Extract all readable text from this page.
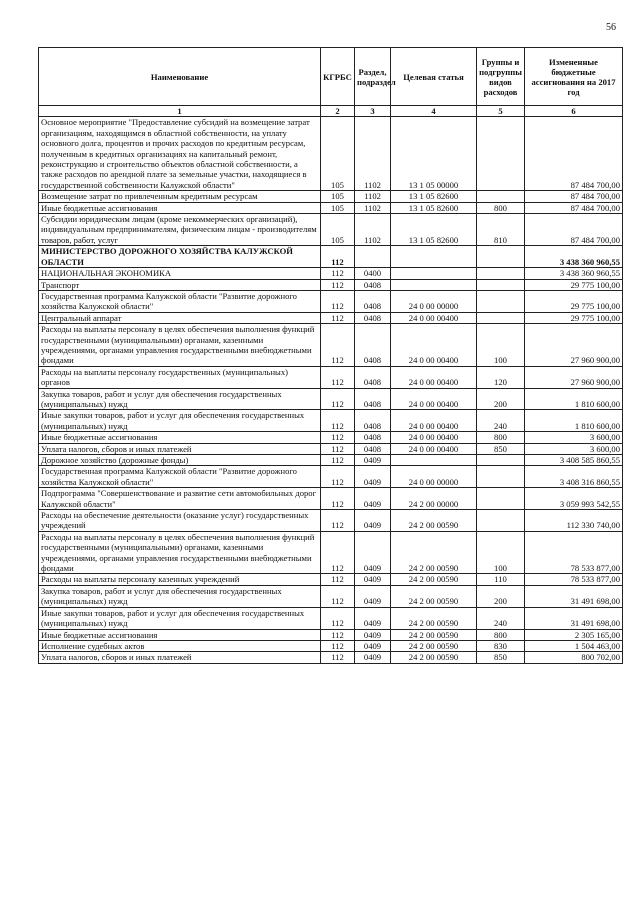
56
Наименование	КГРБС	Раздел, подраздел	Целевая статья	Группы и подгруппы видов расходов	Измененные бюджетные ассигнования на 2017 год
1	2	3	4	5	6
Основное мероприятие "Предоставление субсидий на возмещение затрат организациям, находящимся в областной собственности, на уплату основного долга, процентов и прочих расходов по кредитным ресурсам, полученным в кредитных организациях на капитальный ремонт, реконструкцию и строительство объектов областной собственности, а также расходов по арендной плате за земельные участки, находящиеся в государственной собственности Калужской области"	105	1102	13 1 05 00000		87 484 700,00
Возмещение затрат по привлеченным кредитным ресурсам	105	1102	13 1 05 82600		87 484 700,00
Иные бюджетные ассигнования	105	1102	13 1 05 82600	800	87 484 700,00
Субсидии юридическим лицам (кроме некоммерческих организаций), индивидуальным предпринимателям, физическим лицам - производителям товаров, работ, услуг	105	1102	13 1 05 82600	810	87 484 700,00
МИНИСТЕРСТВО ДОРОЖНОГО ХОЗЯЙСТВА КАЛУЖСКОЙ ОБЛАСТИ	112				3 438 360 960,55
НАЦИОНАЛЬНАЯ ЭКОНОМИКА	112	0400			3 438 360 960,55
Транспорт	112	0408			29 775 100,00
Государственная программа Калужской области "Развитие дорожного хозяйства Калужской области"	112	0408	24 0 00 00000		29 775 100,00
Центральный аппарат	112	0408	24 0 00 00400		29 775 100,00
Расходы на выплаты персоналу в целях обеспечения выполнения функций государственными (муниципальными) органами, казенными учреждениями, органами управления государственными внебюджетными фондами	112	0408	24 0 00 00400	100	27 960 900,00
Расходы на выплаты персоналу государственных (муниципальных) органов	112	0408	24 0 00 00400	120	27 960 900,00
Закупка товаров, работ и услуг для обеспечения государственных (муниципальных) нужд	112	0408	24 0 00 00400	200	1 810 600,00
Иные закупки товаров, работ и услуг для обеспечения государственных (муниципальных) нужд	112	0408	24 0 00 00400	240	1 810 600,00
Иные бюджетные ассигнования	112	0408	24 0 00 00400	800	3 600,00
Уплата налогов, сборов и иных платежей	112	0408	24 0 00 00400	850	3 600,00
Дорожное хозяйство (дорожные фонды)	112	0409			3 408 585 860,55
Государственная программа Калужской области "Развитие дорожного хозяйства Калужской области"	112	0409	24 0 00 00000		3 408 316 860,55
Подпрограмма "Совершенствование и развитие сети автомобильных дорог Калужской области"	112	0409	24 2 00 00000		3 059 993 542,55
Расходы на обеспечение деятельности (оказание услуг) государственных учреждений	112	0409	24 2 00 00590		112 330 740,00
Расходы на выплаты персоналу в целях обеспечения выполнения функций государственными (муниципальными) органами, казенными учреждениями, органами управления государственными внебюджетными фондами	112	0409	24 2 00 00590	100	78 533 877,00
Расходы на выплаты персоналу казенных учреждений	112	0409	24 2 00 00590	110	78 533 877,00
Закупка товаров, работ и услуг для обеспечения государственных (муниципальных) нужд	112	0409	24 2 00 00590	200	31 491 698,00
Иные закупки товаров, работ и услуг для обеспечения государственных (муниципальных) нужд	112	0409	24 2 00 00590	240	31 491 698,00
Иные бюджетные ассигнования	112	0409	24 2 00 00590	800	2 305 165,00
Исполнение судебных актов	112	0409	24 2 00 00590	830	1 504 463,00
Уплата налогов, сборов и иных платежей	112	0409	24 2 00 00590	850	800 702,00
